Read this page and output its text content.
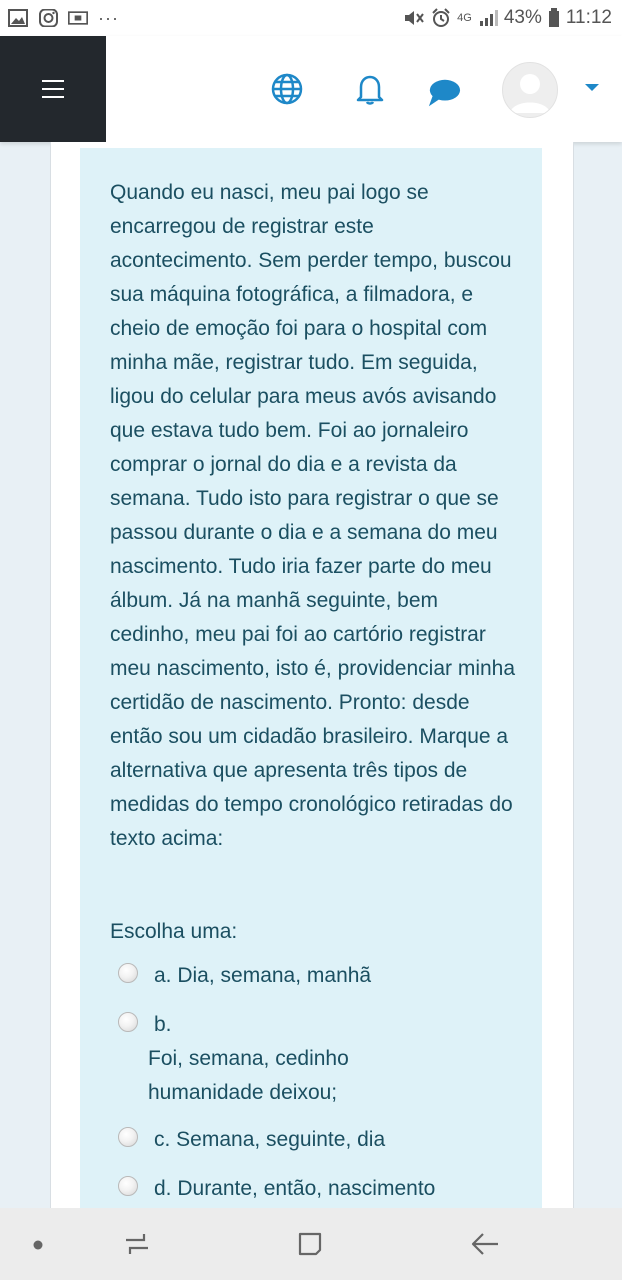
···	4G 43% 11:12
Quando eu nasci, meu pai logo se encarregou de registrar este acontecimento. Sem perder tempo, buscou sua máquina fotográfica, a filmadora, e cheio de emoção foi para o hospital com minha mãe, registrar tudo. Em seguida, ligou do celular para meus avós avisando que estava tudo bem. Foi ao jornaleiro comprar o jornal do dia e a revista da semana. Tudo isto para registrar o que se passou durante o dia e a semana do meu nascimento. Tudo iria fazer parte do meu álbum. Já na manhã seguinte, bem cedinho, meu pai foi ao cartório registrar meu nascimento, isto é, providenciar minha certidão de nascimento. Pronto: desde então sou um cidadão brasileiro. Marque a alternativa que apresenta três tipos de medidas do tempo cronológico retiradas do texto acima:
Escolha uma:
a. Dia, semana, manhã
b.
Foi, semana, cedinho
humanidade deixou;
c. Semana, seguinte, dia
d. Durante, então, nascimento
